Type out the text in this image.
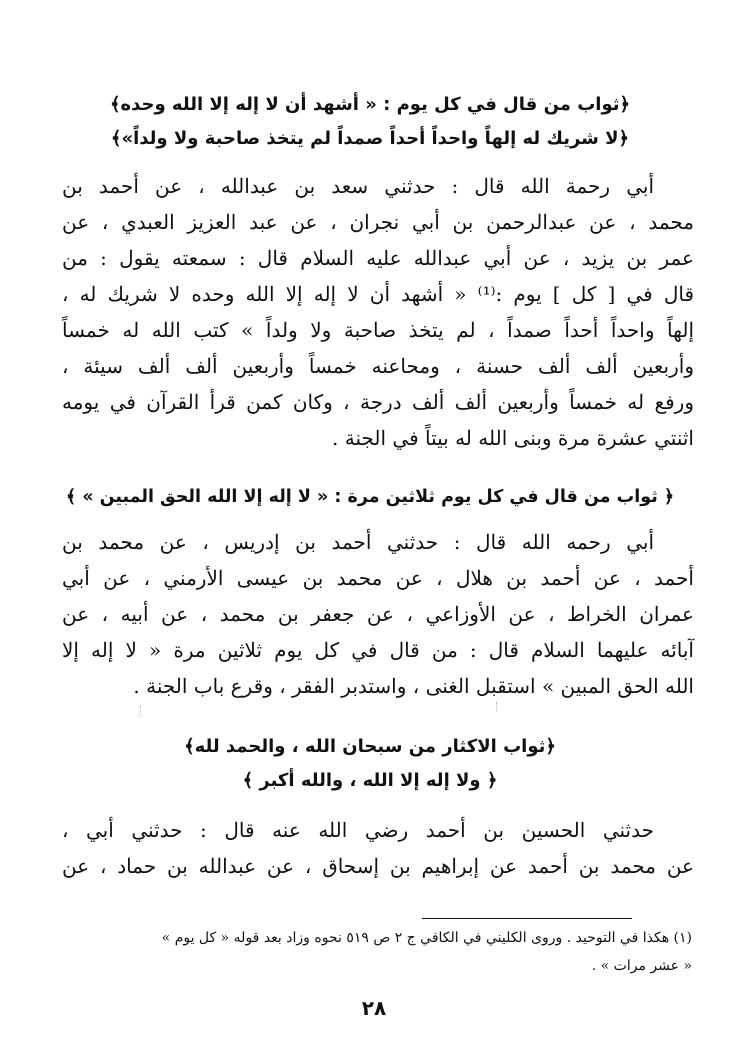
﴿ثواب من قال في كل يوم : « أشهد أن لا إله إلا الله وحده﴾
﴿لا شريك له إلهاً واحداً أحداً صمداً لم يتخذ صاحبة ولا ولداً»﴾
أبي رحمة الله قال : حدثني سعد بن عبدالله ، عن أحمد بن
محمد ، عن عبدالرحمن بن أبي نجران ، عن عبد العزيز العبدي ، عن
عمر بن يزيد ، عن أبي عبدالله عليه السلام قال : سمعته يقول : من
قال في [ كل ] يوم :⁽¹⁾ « أشهد أن لا إله إلا الله وحده لا شريك له ،
إلهاً واحداً أحداً صمداً ، لم يتخذ صاحبة ولا ولداً » كتب الله له خمساً
وأربعين ألف ألف حسنة ، ومحاعنه خمساً وأربعين ألف ألف سيئة ،
ورفع له خمساً وأربعين ألف ألف درجة ، وكان كمن قرأ القرآن في يومه
اثنتي عشرة مرة وبنى الله له بيتاً في الجنة .
﴿ ثواب من قال في كل يوم ثلاثين مرة : « لا إله إلا الله الحق المبين » ﴾
أبي رحمه الله قال : حدثني أحمد بن إدريس ، عن محمد بن
أحمد ، عن أحمد بن هلال ، عن محمد بن عيسى الأرمني ، عن أبي
عمران الخراط ، عن الأوزاعي ، عن جعفر بن محمد ، عن أبيه ، عن
آبائه عليهما السلام قال : من قال في كل يوم ثلاثين مرة « لا إله إلا
الله الحق المبين » استقبل الغنى ، واستدبر الفقر ، وقرع باب الجنة .
﴿ثواب الاكثار من سبحان الله ، والحمد لله﴾
﴿ ولا إله إلا الله ، والله أكبر ﴾
حدثني الحسين بن أحمد رضي الله عنه قال : حدثني أبي ،
عن محمد بن أحمد عن إبراهيم بن إسحاق ، عن عبدالله بن حماد ، عن
(١) هكذا في التوحيد . وروى الكليني في الكافي ج ٢ ص ٥١٩ نحوه وزاد بعد قوله « كل يوم »
« عشر مرات » .
٢٨
